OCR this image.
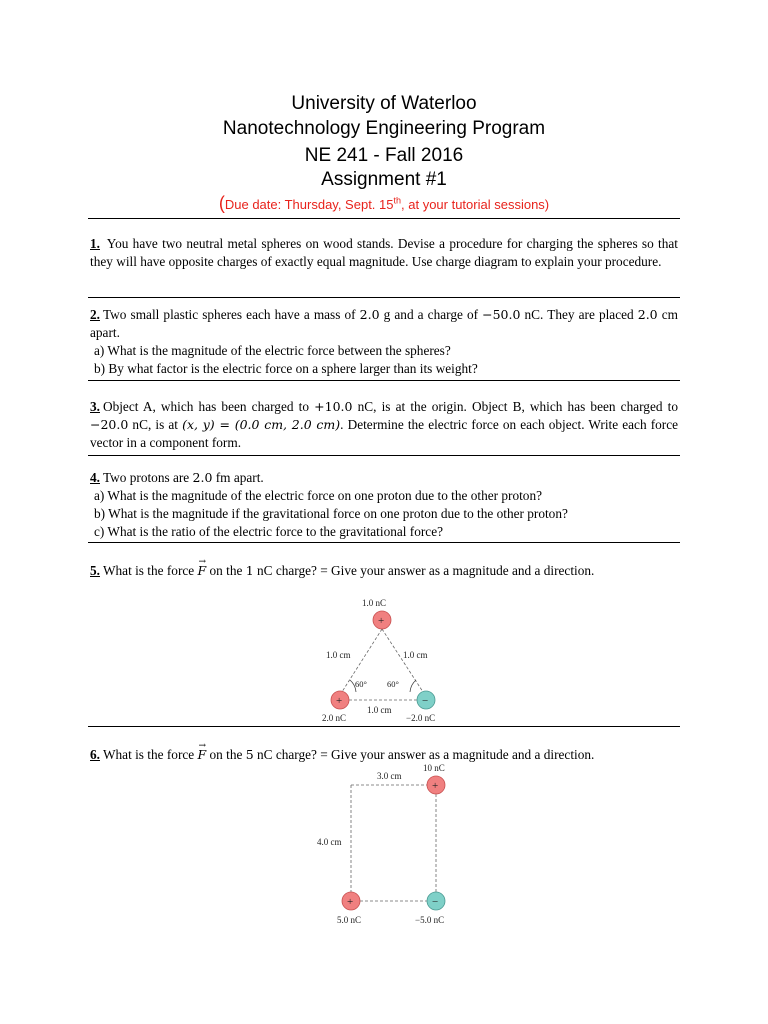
University of Waterloo
Nanotechnology Engineering Program
NE 241 - Fall 2016
Assignment #1
(Due date: Thursday, Sept. 15th, at your tutorial sessions)
1. You have two neutral metal spheres on wood stands. Devise a procedure for charging the spheres so that they will have opposite charges of exactly equal magnitude. Use charge diagram to explain your procedure.
2. Two small plastic spheres each have a mass of 2.0 g and a charge of −50.0 nC. They are placed 2.0 cm apart.
a) What is the magnitude of the electric force between the spheres?
b) By what factor is the electric force on a sphere larger than its weight?
3. Object A, which has been charged to +10.0 nC, is at the origin. Object B, which has been charged to −20.0 nC, is at (x, y) = (0.0 cm, 2.0 cm). Determine the electric force on each object. Write each force vector in a component form.
4. Two protons are 2.0 fm apart.
a) What is the magnitude of the electric force on one proton due to the other proton?
b) What is the magnitude if the gravitational force on one proton due to the other proton?
c) What is the ratio of the electric force to the gravitational force?
5. What is the force → F on the 1 nC charge? = Give your answer as a magnitude and a direction.
1.0 nC
+
1.0 cm	1.0 cm
60° 60°
+	−
1.0 cm
2.0 nC	−2.0 nC
6. What is the force → F on the 5 nC charge? = Give your answer as a magnitude and a direction.
10 nC
3.0 cm
+
4.0 cm
+	−
5.0 nC	−5.0 nC
